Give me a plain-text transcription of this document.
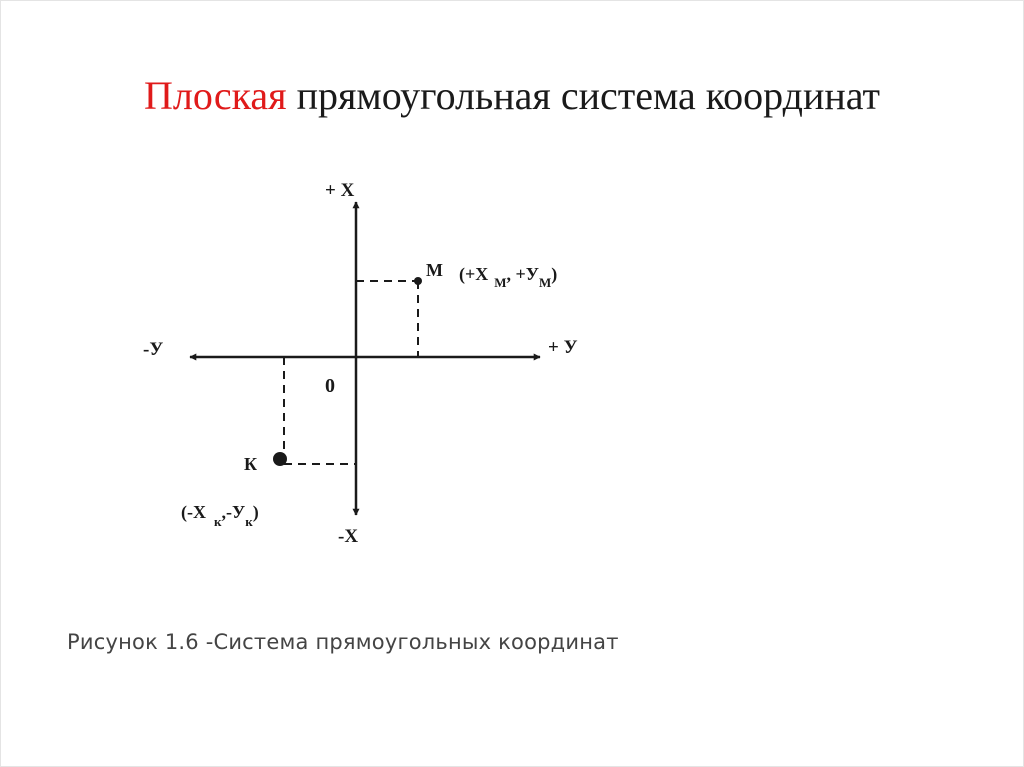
Плоская прямоугольная система координат
+ X
-X
-У	+ У
0
M (+X $_M$, $+У_M$)
К
(-X $_к,-У_к$)
Рисунок 1.6 -Система прямоугольных координат
